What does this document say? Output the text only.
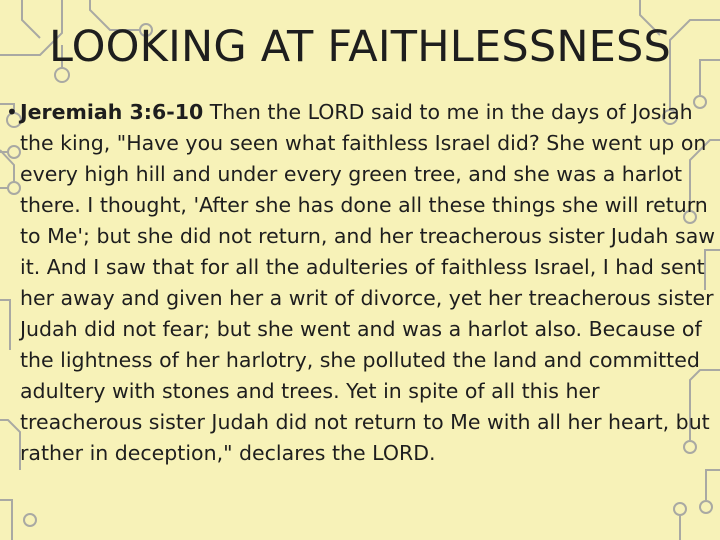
LOOKING AT FAITHLESSNESS
• Jeremiah 3:6-10 Then the LORD said to me in the days of Josiah the king, "Have you seen what faithless Israel did? She went up on every high hill and under every green tree, and she was a harlot there. I thought, 'After she has done all these things she will return to Me'; but she did not return, and her treacherous sister Judah saw it. And I saw that for all the adulteries of faithless Israel, I had sent her away and given her a writ of divorce, yet her treacherous sister Judah did not fear; but she went and was a harlot also. Because of the lightness of her harlotry, she polluted the land and committed adultery with stones and trees. Yet in spite of all this her treacherous sister Judah did not return to Me with all her heart, but rather in deception," declares the LORD.
